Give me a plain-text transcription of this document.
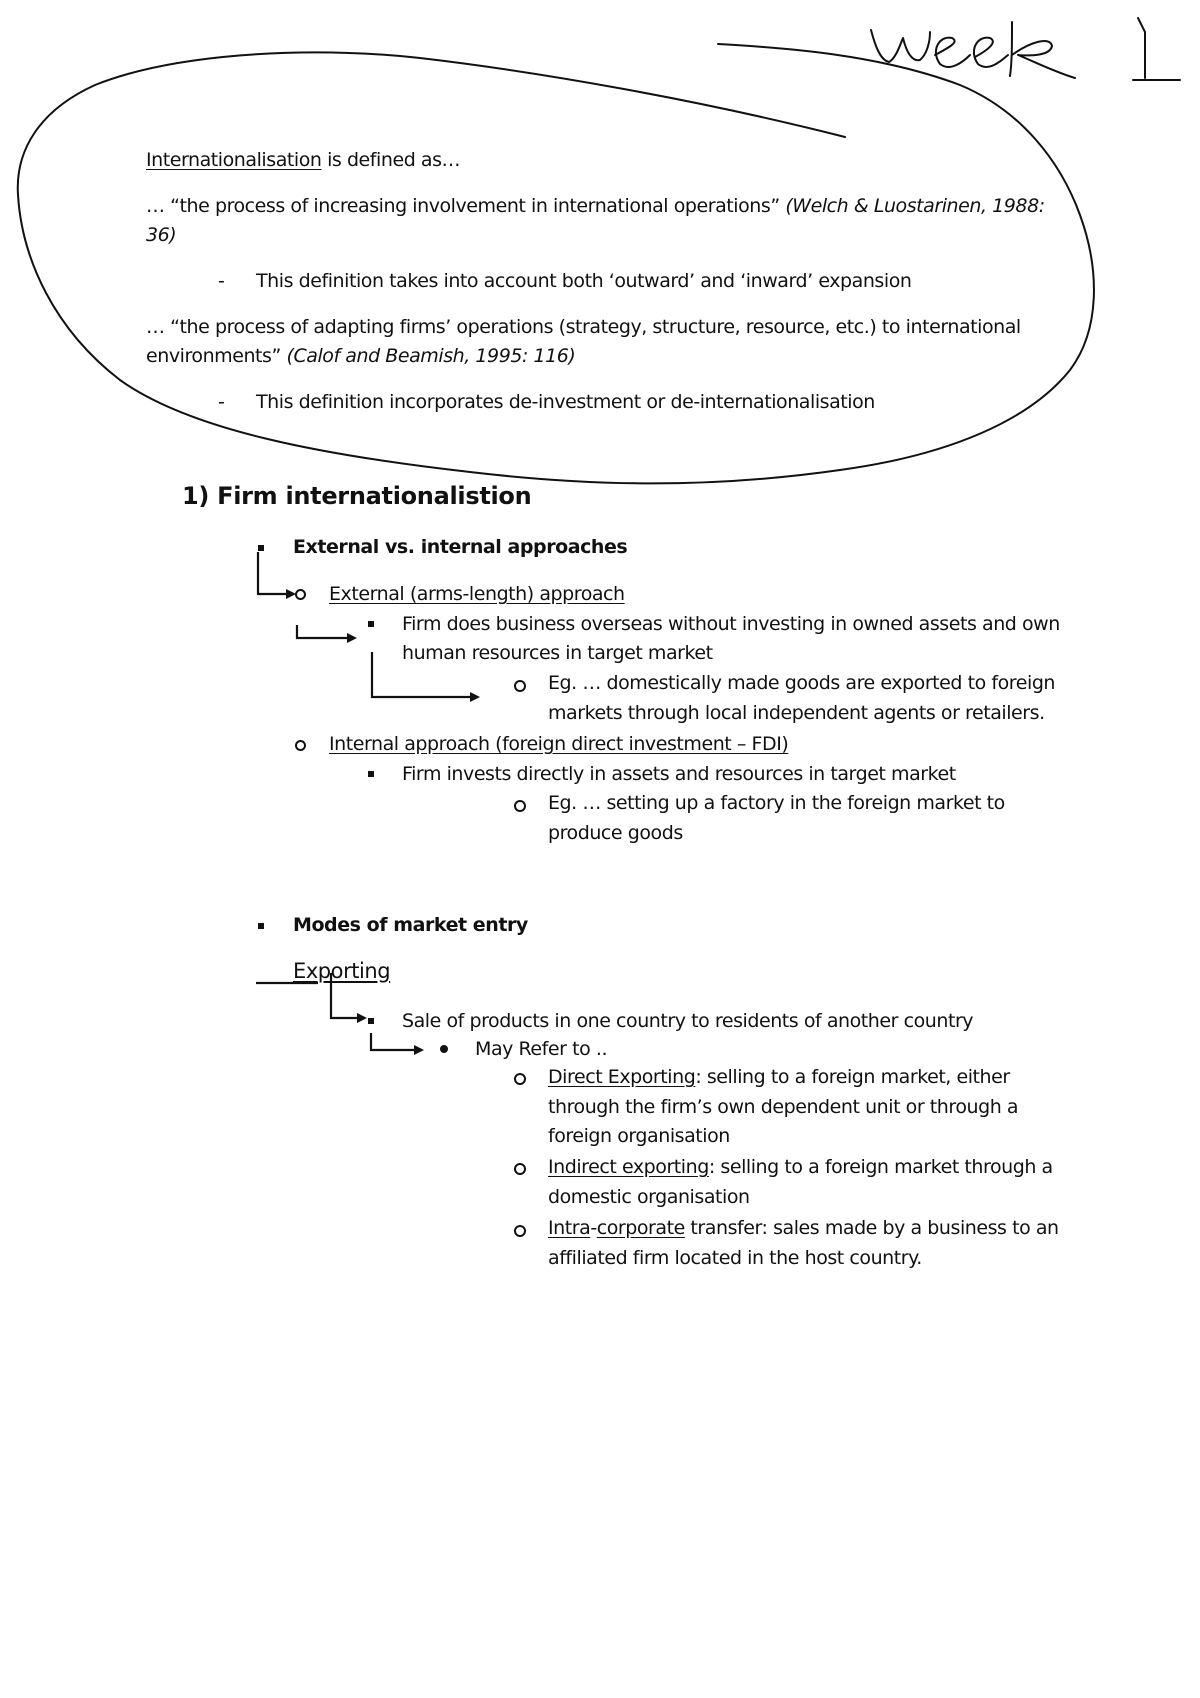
Internationalisation is defined as…
… “the process of increasing involvement in international operations” (Welch & Luostarinen, 1988:
36)
- This definition takes into account both ‘outward’ and ‘inward’ expansion
… “the process of adapting firms’ operations (strategy, structure, resource, etc.) to international
environments” (Calof and Beamish, 1995: 116)
- This definition incorporates de-investment or de-internationalisation
1) Firm internationalistion
External vs. internal approaches
External (arms-length) approach
Firm does business overseas without investing in owned assets and own
human resources in target market
Eg. … domestically made goods are exported to foreign
markets through local independent agents or retailers.
Internal approach (foreign direct investment – FDI)
Firm invests directly in assets and resources in target market
Eg. … setting up a factory in the foreign market to
produce goods
Modes of market entry
Exporting
Sale of products in one country to residents of another country
May Refer to ..
Direct Exporting: selling to a foreign market, either
through the firm’s own dependent unit or through a
foreign organisation
Indirect exporting: selling to a foreign market through a
domestic organisation
Intra-corporate transfer: sales made by a business to an
affiliated firm located in the host country.
